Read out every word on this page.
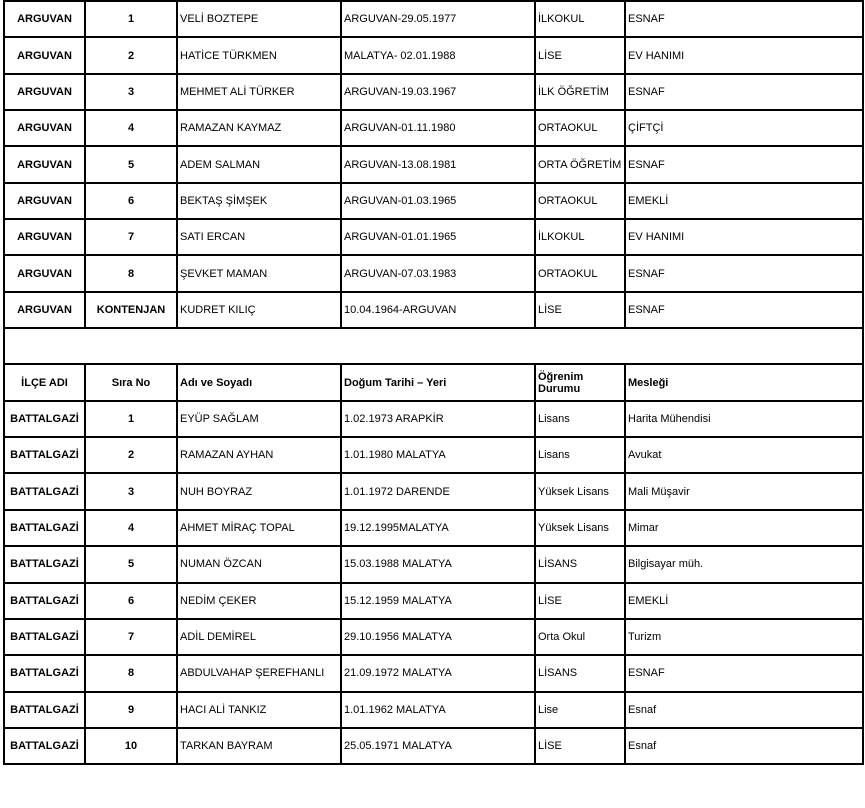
ARGUVAN	1	VELİ BOZTEPE	ARGUVAN-29.05.1977	İLKOKUL	ESNAF
ARGUVAN	2	HATİCE TÜRKMEN	MALATYA- 02.01.1988	LİSE	EV HANIMI
ARGUVAN	3	MEHMET ALİ TÜRKER	ARGUVAN-19.03.1967	İLK ÖĞRETİM	ESNAF
ARGUVAN	4	RAMAZAN KAYMAZ	ARGUVAN-01.11.1980	ORTAOKUL	ÇİFTÇİ
ARGUVAN	5	ADEM SALMAN	ARGUVAN-13.08.1981	ORTA ÖĞRETİM	ESNAF
ARGUVAN	6	BEKTAŞ ŞİMŞEK	ARGUVAN-01.03.1965	ORTAOKUL	EMEKLİ
ARGUVAN	7	SATI ERCAN	ARGUVAN-01.01.1965	İLKOKUL	EV HANIMI
ARGUVAN	8	ŞEVKET MAMAN	ARGUVAN-07.03.1983	ORTAOKUL	ESNAF
ARGUVAN	KONTENJAN	KUDRET KILIÇ	10.04.1964-ARGUVAN	LİSE	ESNAF

İLÇE ADI	Sıra No	Adı ve Soyadı	Doğum Tarihi – Yeri	Öğrenim Durumu	Mesleği
BATTALGAZİ	1	EYÜP SAĞLAM	1.02.1973 ARAPKİR	Lisans	Harita Mühendisi
BATTALGAZİ	2	RAMAZAN AYHAN	1.01.1980 MALATYA	Lisans	Avukat
BATTALGAZİ	3	NUH BOYRAZ	1.01.1972 DARENDE	Yüksek Lisans	Mali Müşavir
BATTALGAZİ	4	AHMET MİRAÇ TOPAL	19.12.1995MALATYA	Yüksek Lisans	Mimar
BATTALGAZİ	5	NUMAN ÖZCAN	15.03.1988 MALATYA	LİSANS	Bilgisayar müh.
BATTALGAZİ	6	NEDİM ÇEKER	15.12.1959 MALATYA	LİSE	EMEKLİ
BATTALGAZİ	7	ADİL DEMİREL	29.10.1956 MALATYA	Orta Okul	Turizm
BATTALGAZİ	8	ABDULVAHAP ŞEREFHANLI	21.09.1972 MALATYA	LİSANS	ESNAF
BATTALGAZİ	9	HACI ALİ TANKIZ	1.01.1962 MALATYA	Lise	Esnaf
BATTALGAZİ	10	TARKAN BAYRAM	25.05.1971 MALATYA	LİSE	Esnaf
